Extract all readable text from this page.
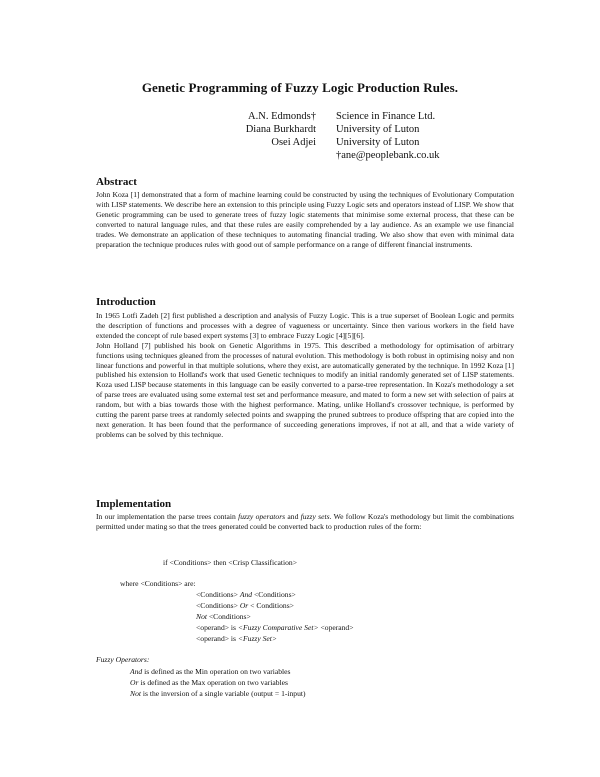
Genetic Programming of Fuzzy Logic Production Rules.
A.N. Edmonds†	Science in Finance Ltd.
Diana Burkhardt	University of Luton
Osei Adjei	University of Luton
†ane@peoplebank.co.uk
Abstract

John Koza [1] demonstrated that a form of machine learning could be constructed by using the techniques of Evolutionary Computation with LISP statements. We describe here an extension to this principle using Fuzzy Logic sets and operators instead of LISP. We show that Genetic programming can be used to generate trees of fuzzy logic statements that minimise some external process, that these can be converted to natural language rules, and that these rules are easily comprehended by a lay audience. As an example we use financial trades. We demonstrate an application of these techniques to automating financial trading. We also show that even with minimal data preparation the technique produces rules with good out of sample performance on a range of different financial instruments.

Introduction

In 1965 Lotfi Zadeh [2] first published a description and analysis of Fuzzy Logic. This is a true superset of Boolean Logic and permits the description of functions and processes with a degree of vagueness or uncertainty. Since then various workers in the field have extended the concept of rule based expert systems [3] to embrace Fuzzy Logic [4][5][6].

John Holland [7] published his book on Genetic Algorithms in 1975. This described a methodology for optimisation of arbitrary functions using techniques gleaned from the processes of natural evolution. This methodology is both robust in optimising noisy and non linear functions and powerful in that multiple solutions, where they exist, are automatically generated by the technique. In 1992 Koza [1] published his extension to Holland's work that used Genetic techniques to modify an initial randomly generated set of LISP statements. Koza used LISP because statements in this language can be easily converted to a parse-tree representation. In Koza's methodology a set of parse trees are evaluated using some external test set and performance measure, and mated to form a new set with selection of pairs at random, but with a bias towards those with the highest performance. Mating, unlike Holland's crossover technique, is performed by cutting the parent parse trees at randomly selected points and swapping the pruned subtrees to produce offspring that are copied into the next generation. It has been found that the performance of succeeding generations improves, if not at all, and that a wide variety of problems can be solved by this technique.

Implementation

In our implementation the parse trees contain fuzzy operators and fuzzy sets. We follow Koza's methodology but limit the combinations permitted under mating so that the trees generated could be converted back to production rules of the form:

if <Conditions> then <Crisp Classification>
where <Conditions> are:
<Conditions> And <Conditions>
<Conditions> Or < Conditions>
Not <Conditions>
<operand> is <Fuzzy Comparative Set> <operand>
<operand> is <Fuzzy Set>
Fuzzy Operators:
And is defined as the Min operation on two variables
Or is defined as the Max operation on two variables
Not is the inversion of a single variable (output = 1-input)
